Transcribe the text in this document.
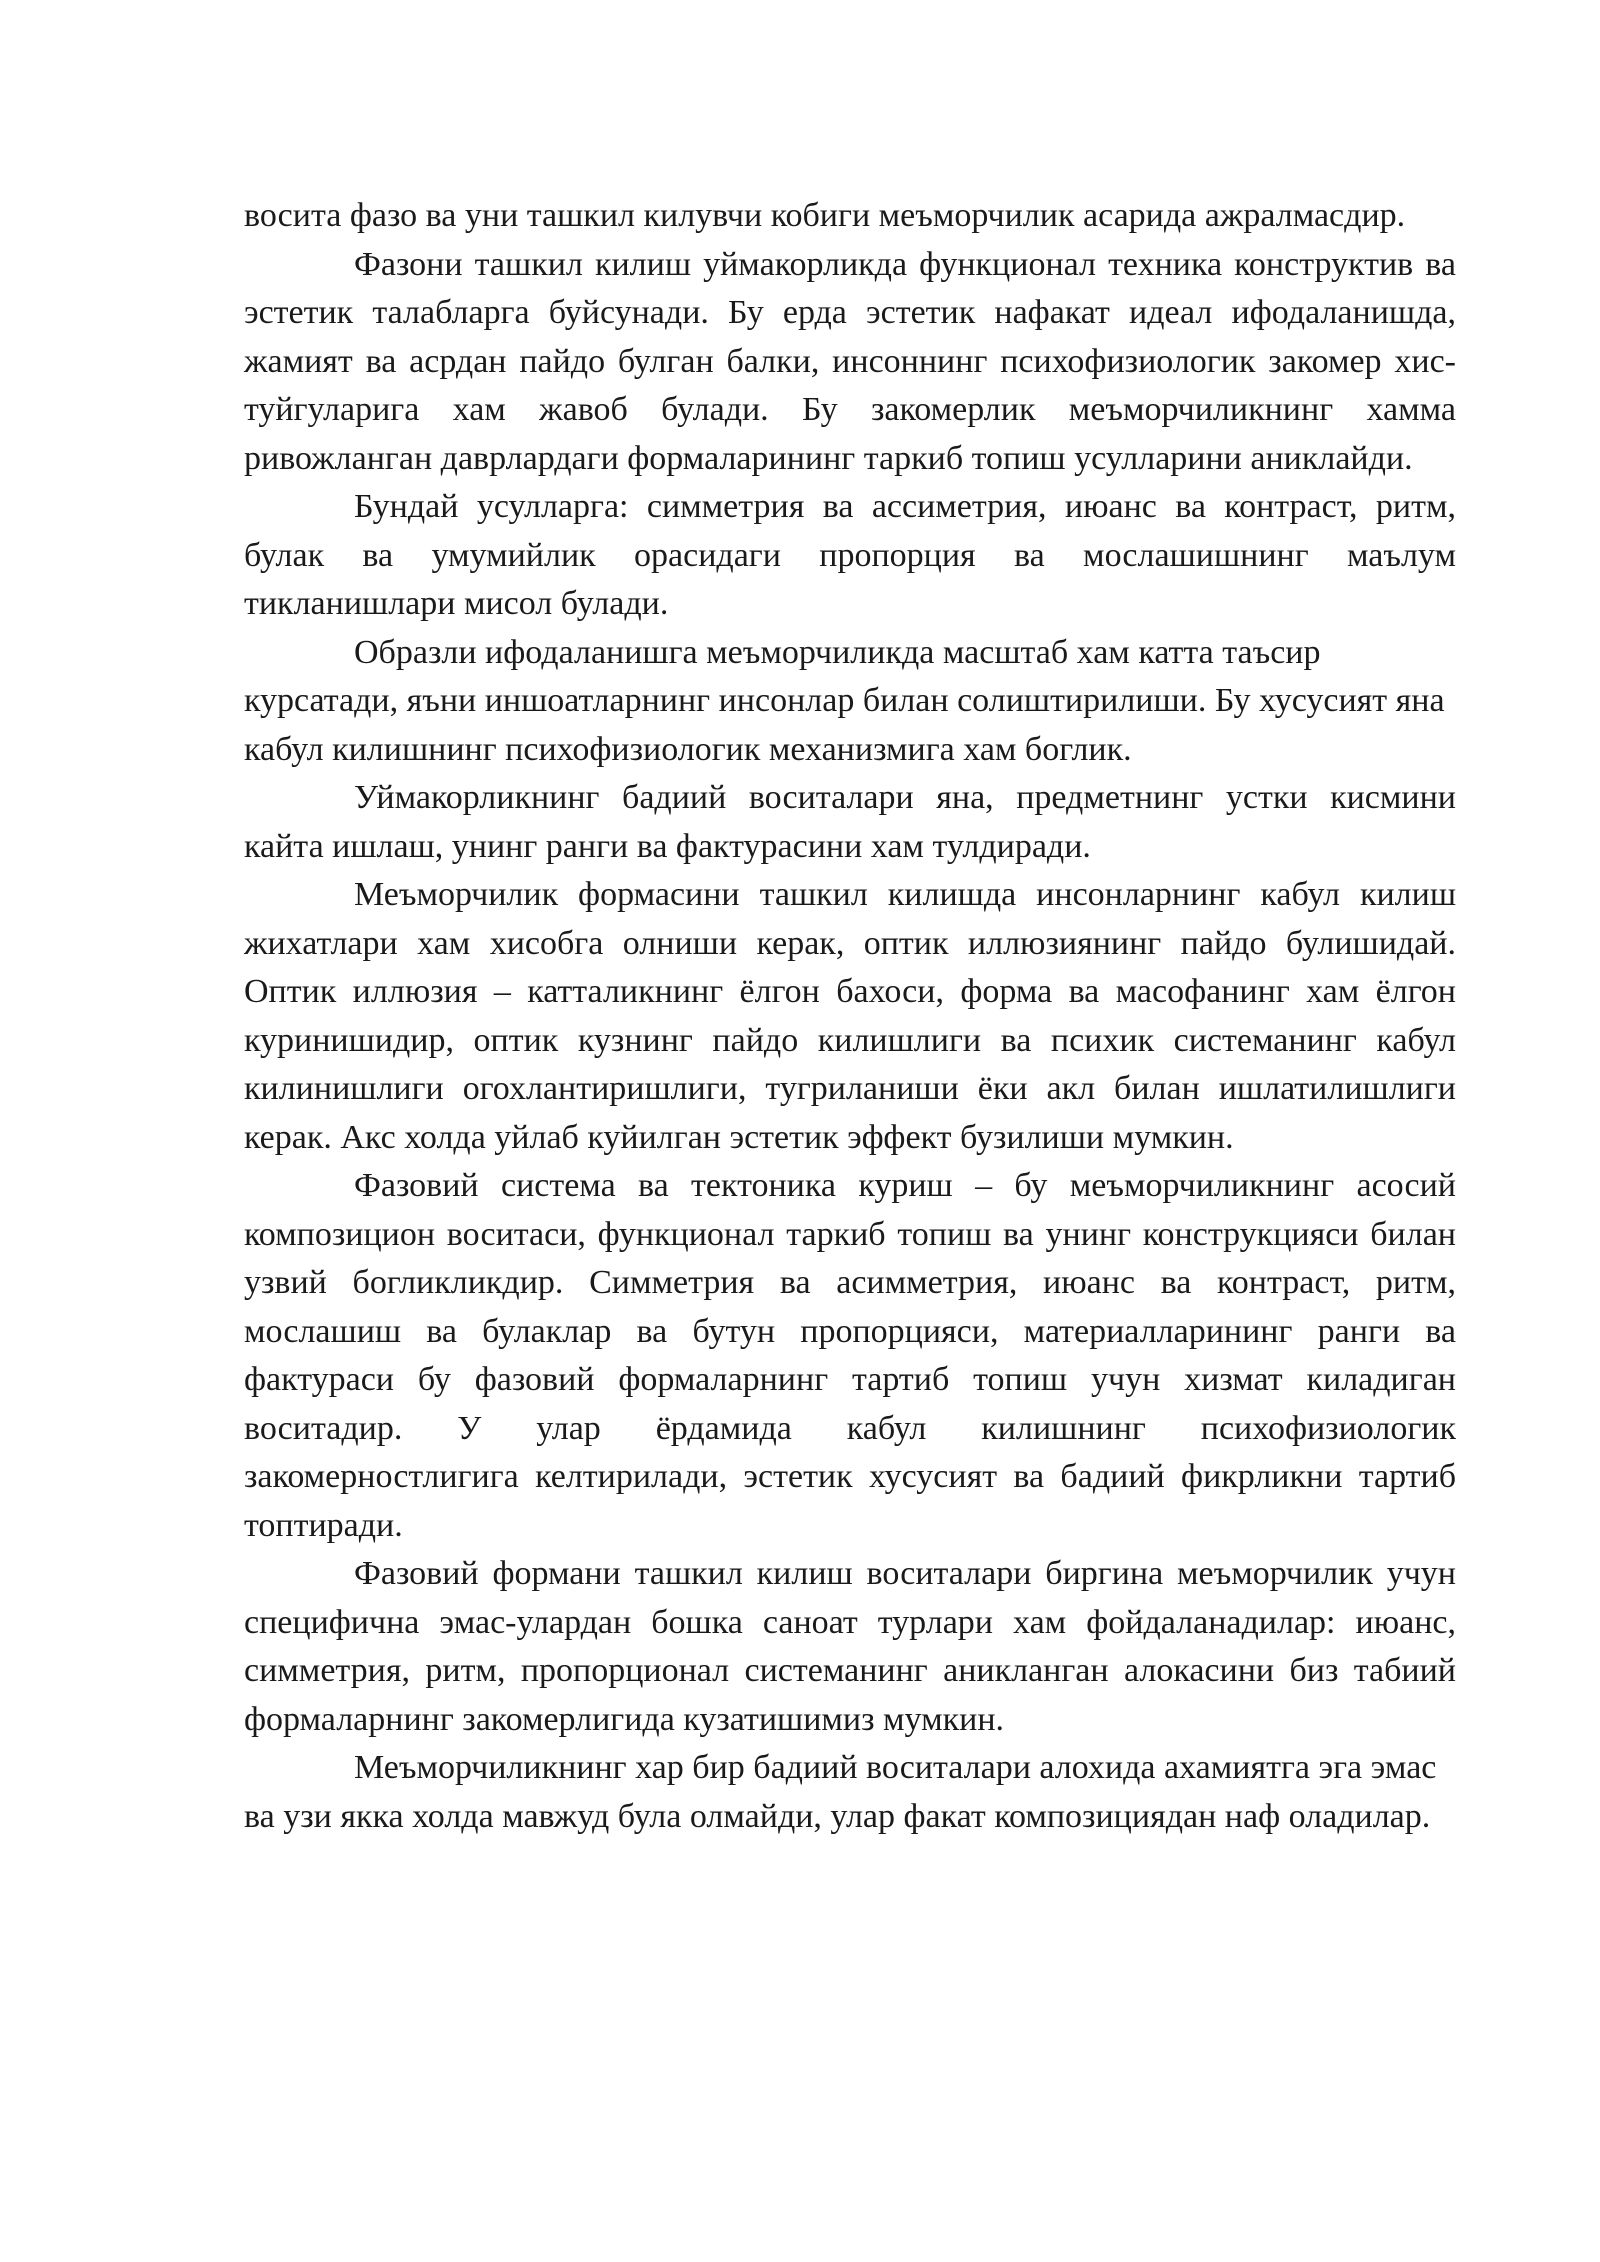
восита фазо ва уни ташкил килувчи кобиги меъморчилик асарида ажралмасдир.

Фазони ташкил килиш уймакорликда функционал техника конструктив ва эстетик талабларга буйсунади. Бу ерда эстетик нафакат идеал ифодаланишда, жамият ва асрдан пайдо булган балки, инсоннинг психофизиологик закомер хис-туйгуларига хам жавоб булади. Бу закомерлик меъморчиликнинг хамма ривожланган даврлардаги формаларининг таркиб топиш усулларини аниклайди.

Бундай усулларга: симметрия ва ассиметрия, июанс ва контраст, ритм, булак ва умумийлик орасидаги пропорция ва мослашишнинг маълум тикланишлари мисол булади.

Образли ифодаланишга меъморчиликда масштаб хам катта таъсир курсатади, яъни иншоатларнинг инсонлар билан солиштирилиши. Бу хусусият яна кабул килишнинг психофизиологик механизмига хам боглик.

Уймакорликнинг бадиий воситалари яна, предметнинг устки кисмини кайта ишлаш, унинг ранги ва фактурасини хам тулдиради.

Меъморчилик формасини ташкил килишда инсонларнинг кабул килиш жихатлари хам хисобга олниши керак, оптик иллюзиянинг пайдо булишидай. Оптик иллюзия – катталикнинг ёлгон бахоси, форма ва масофанинг хам ёлгон куринишидир, оптик кузнинг пайдо килишлиги ва психик системанинг кабул килинишлиги огохлантиришлиги, тугриланиши ёки акл билан ишлатилишлиги керак. Акс холда уйлаб куйилган эстетик эффект бузилиши мумкин.

Фазовий система ва тектоника куриш – бу меъморчиликнинг асосий композицион воситаси, функционал таркиб топиш ва унинг конструкцияси билан узвий богликликдир. Симметрия ва асимметрия, июанс ва контраст, ритм, мослашиш ва булаклар ва бутун пропорцияси, материалларининг ранги ва фактураси бу фазовий формаларнинг тартиб топиш учун хизмат киладиган воситадир. У улар ёрдамида кабул килишнинг психофизиологик закомерностлигига келтирилади, эстетик хусусият ва бадиий фикрликни тартиб топтиради.

Фазовий формани ташкил килиш воситалари биргина меъморчилик учун специфична эмас-улардан бошка саноат турлари хам фойдаланадилар: июанс, симметрия, ритм, пропорционал системанинг аникланган алокасини биз табиий формаларнинг закомерлигида кузатишимиз мумкин.

Меъморчиликнинг хар бир бадиий воситалари алохида ахамиятга эга эмас ва узи якка холда мавжуд була олмайди, улар факат композициядан наф оладилар.
